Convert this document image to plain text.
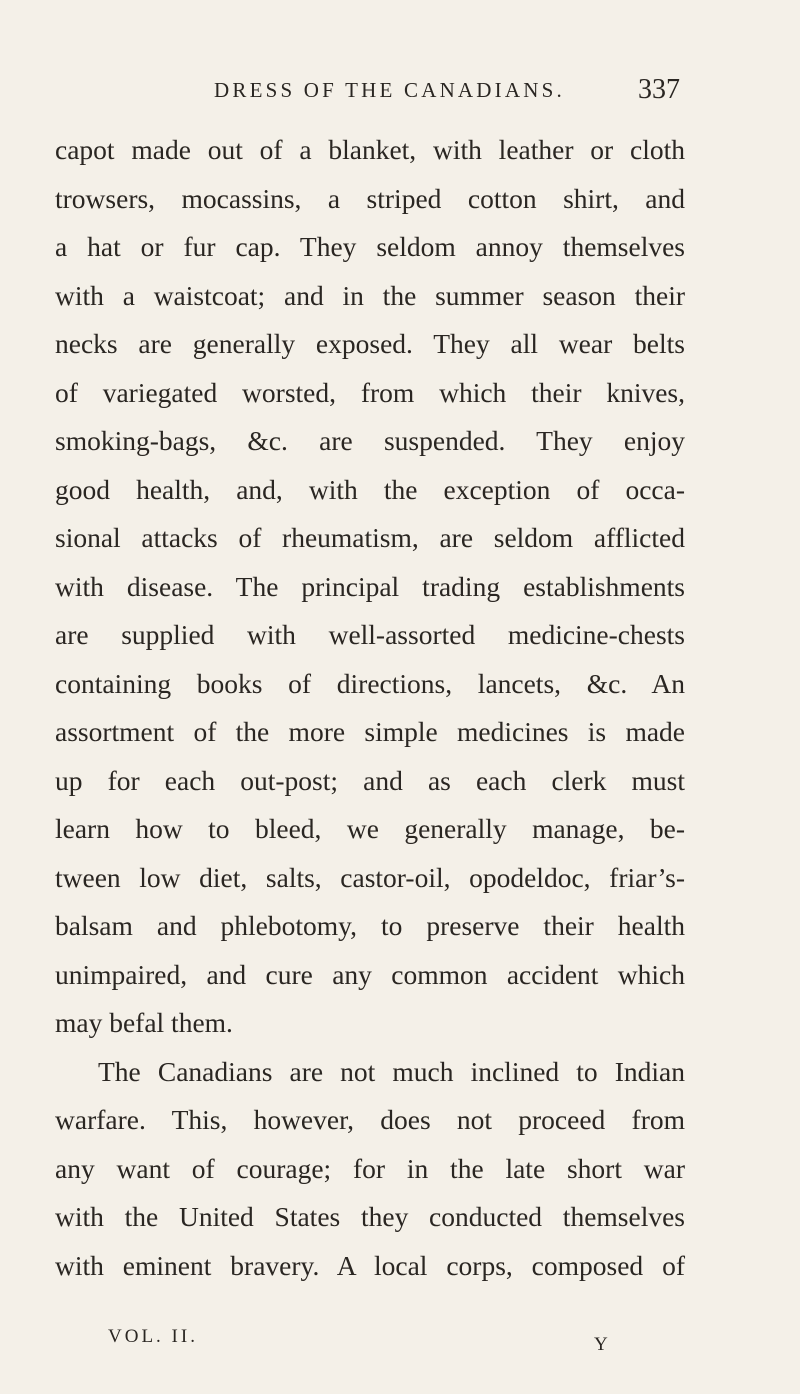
DRESS OF THE CANADIANS.	337
capot made out of a blanket, with leather or cloth
trowsers, mocassins, a striped cotton shirt, and
a hat or fur cap. They seldom annoy themselves
with a waistcoat; and in the summer season their
necks are generally exposed. They all wear belts
of variegated worsted, from which their knives,
smoking-bags, &c. are suspended. They enjoy
good health, and, with the exception of occa-
sional attacks of rheumatism, are seldom afflicted
with disease. The principal trading establishments
are supplied with well-assorted medicine-chests
containing books of directions, lancets, &c. An
assortment of the more simple medicines is made
up for each out-post; and as each clerk must
learn how to bleed, we generally manage, be-
tween low diet, salts, castor-oil, opodeldoc, friar’s-
balsam and phlebotomy, to preserve their health
unimpaired, and cure any common accident which
may befal them.
The Canadians are not much inclined to Indian
warfare. This, however, does not proceed from
any want of courage; for in the late short war
with the United States they conducted themselves
with eminent bravery. A local corps, composed of
VOL. II.	Y
